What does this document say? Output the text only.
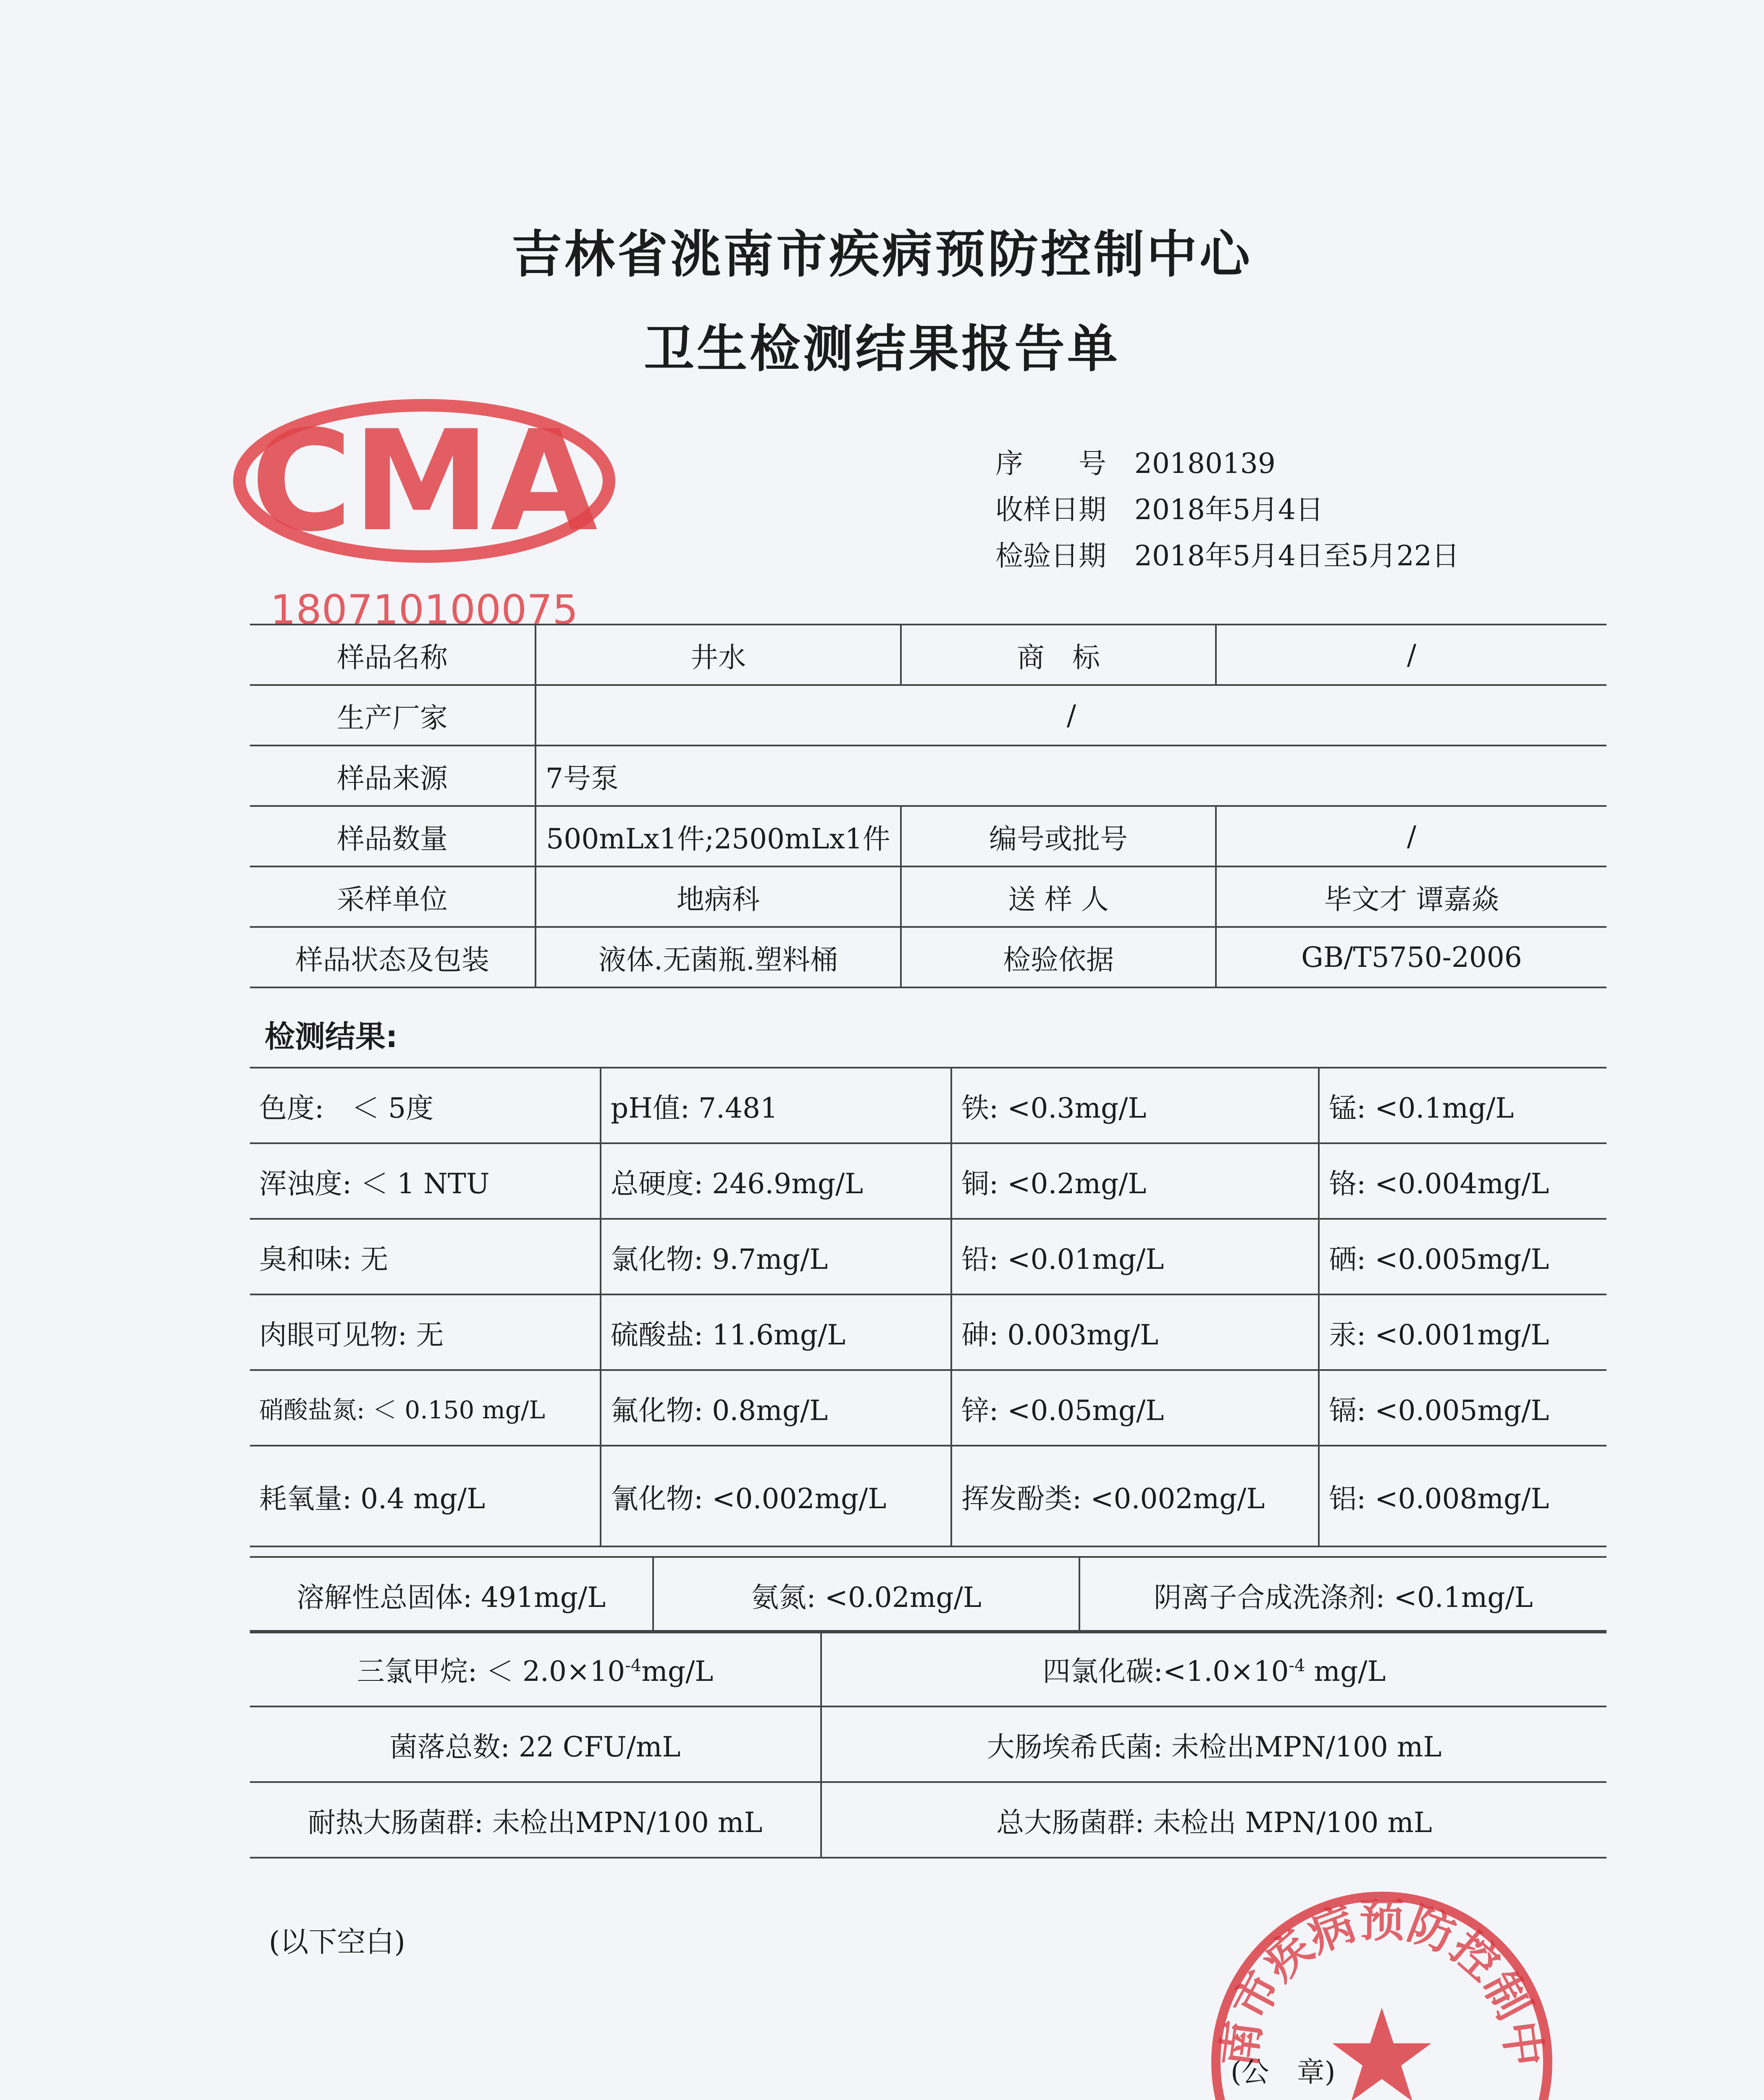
CMA
180710100075
吉林省洮南市疾病预防控制中心
卫生检测结果报告单
序　　号 20180139
收样日期 2018年5月4日
检验日期 2018年5月4日至5月22日
样品名称	井水	商　标	/
生产厂家	/		
样品来源	7号泵		
样品数量	500mLx1件;2500mLx1件	编号或批号	/
采样单位	地病科	送 样 人	毕文才 谭嘉焱
样品状态及包装	液体.无菌瓶.塑料桶	检验依据	GB/T5750-2006
检测结果:
色度:　＜ 5度	pH值: 7.481	铁: <0.3mg/L	锰: <0.1mg/L
浑浊度: ＜ 1 NTU	总硬度: 246.9mg/L	铜: <0.2mg/L	铬: <0.004mg/L
臭和味: 无	氯化物: 9.7mg/L	铅: <0.01mg/L	硒: <0.005mg/L
肉眼可见物: 无	硫酸盐: 11.6mg/L	砷: 0.003mg/L	汞: <0.001mg/L
硝酸盐氮: ＜ 0.150 mg/L	氟化物: 0.8mg/L	锌: <0.05mg/L	镉: <0.005mg/L
耗氧量: 0.4 mg/L	氰化物: <0.002mg/L	挥发酚类: <0.002mg/L	铝: <0.008mg/L
溶解性总固体: 491mg/L	氨氮: <0.02mg/L	阴离子合成洗涤剂: <0.1mg/L
三氯甲烷: ＜ $2.0\times 10^{-4}mg/L$	四氯化碳$:<1.0\times 10^{-4}$ mg/L
菌落总数: 22 CFU/mL	大肠埃希氏菌: 未检出MPN/100 mL
耐热大肠菌群: 未检出MPN/100 mL	总大肠菌群: 未检出 MPN/100 mL
(以下空白)
南市疾病预防控制中
(公　章)
